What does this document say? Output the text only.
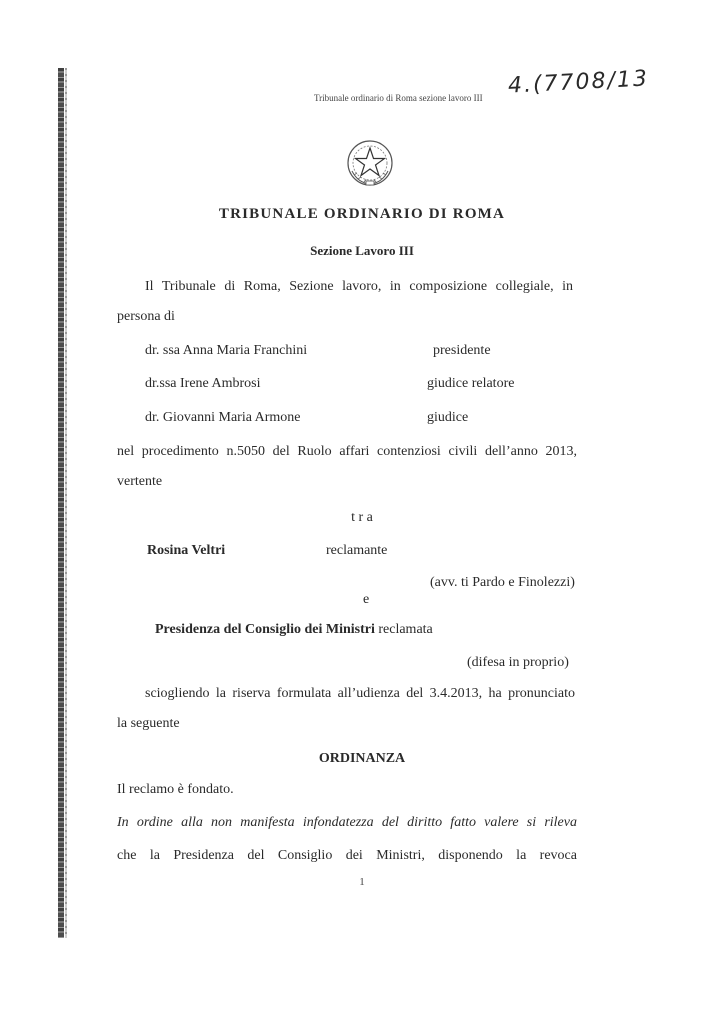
Tribunale ordinario di Roma sezione lavoro III 4.(7708/13
TRIBUNALE ORDINARIO DI ROMA
Sezione Lavoro III
Il Tribunale di Roma, Sezione lavoro, in composizione collegiale, in
persona di
dr. ssa Anna Maria Franchini	presidente
dr.ssa Irene Ambrosi	giudice relatore
dr. Giovanni Maria Armone	giudice
nel procedimento n.5050 del Ruolo affari contenziosi civili dell’anno 2013,
vertente
t r a
Rosina Veltri	reclamante
(avv. ti Pardo e Finolezzi)
e
Presidenza del Consiglio dei Ministri reclamata
(difesa in proprio)
sciogliendo la riserva formulata all’udienza del 3.4.2013, ha pronunciato
la seguente
ORDINANZA
Il reclamo è fondato.
In ordine alla non manifesta infondatezza del diritto fatto valere si rileva
che la Presidenza del Consiglio dei Ministri, disponendo la revoca
1
